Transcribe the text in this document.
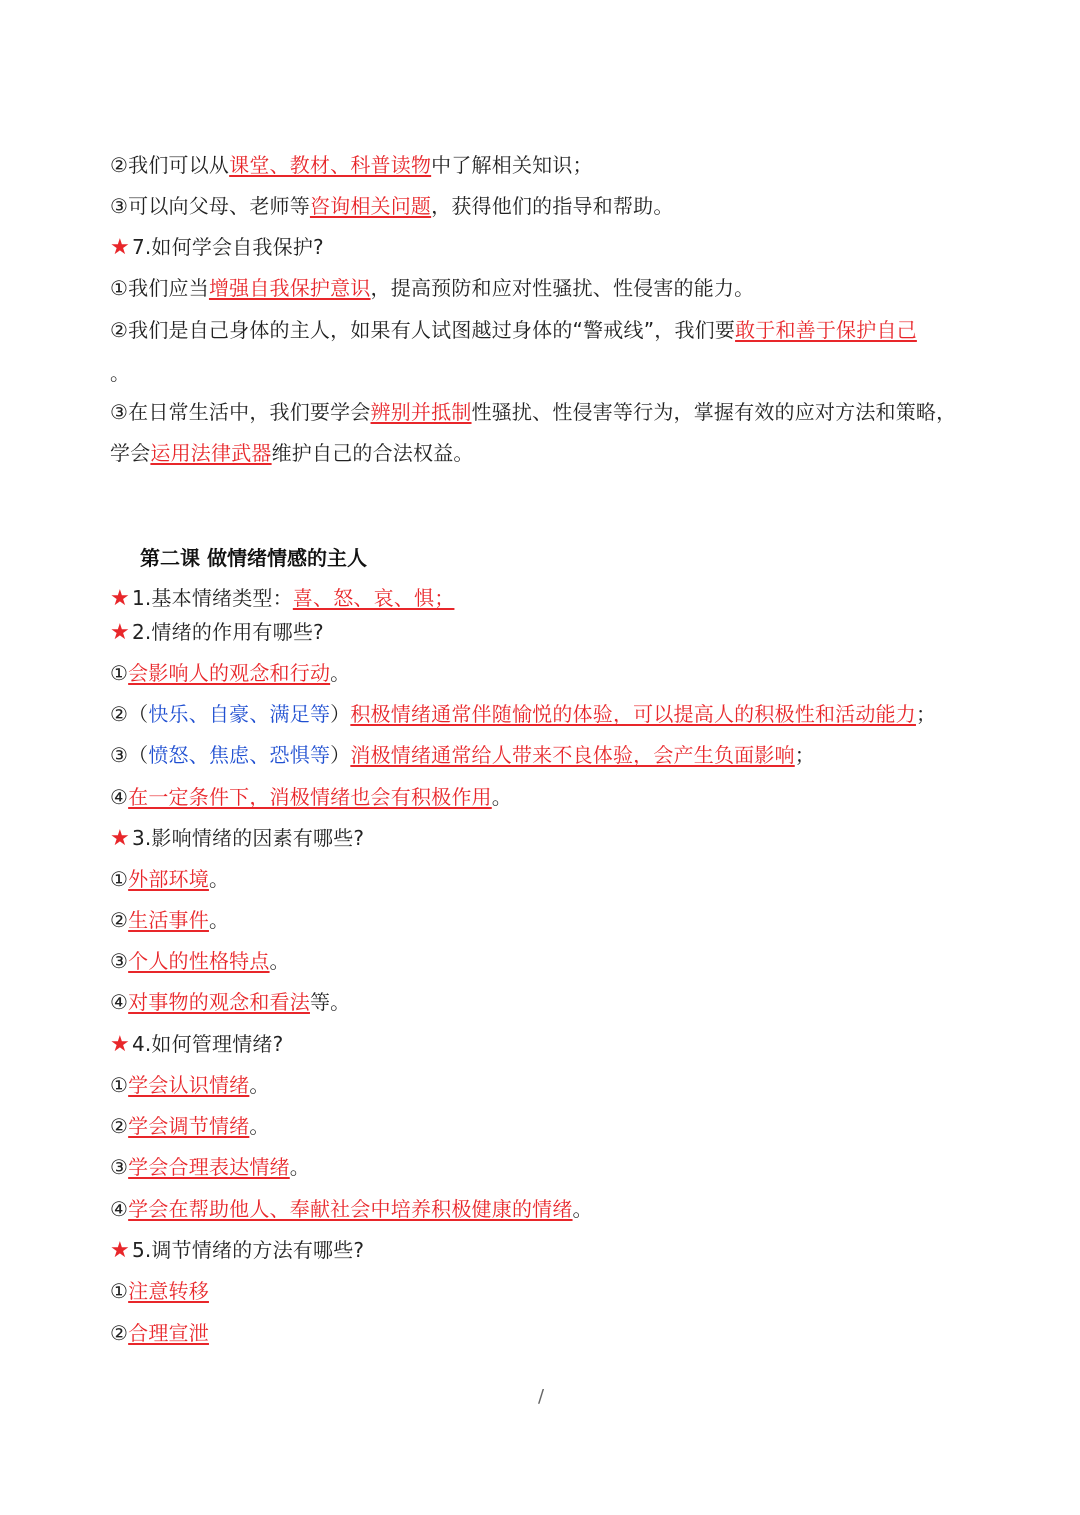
②我们可以从课堂、教材、科普读物中了解相关知识；
③可以向父母、老师等咨询相关问题，获得他们的指导和帮助。
★ 7.如何学会自我保护?
①我们应当增强自我保护意识，提高预防和应对性骚扰、性侵害的能力。
②我们是自己身体的主人，如果有人试图越过身体的“警戒线”，我们要敢于和善于保护自己
。
③在日常生活中，我们要学会辨别并抵制性骚扰、性侵害等行为，掌握有效的应对方法和策略，
学会运用法律武器维护自己的合法权益。
第二课 做情绪情感的主人
★ 1.基本情绪类型：喜、怒、哀、惧；
★ 2.情绪的作用有哪些?
①会影响人的观念和行动。
②（快乐、自豪、满足等）积极情绪通常伴随愉悦的体验，可以提高人的积极性和活动能力；
③（愤怒、焦虑、恐惧等）消极情绪通常给人带来不良体验，会产生负面影响；
④在一定条件下，消极情绪也会有积极作用。
★ 3.影响情绪的因素有哪些?
①外部环境。
②生活事件。
③个人的性格特点。
④对事物的观念和看法等。
★ 4.如何管理情绪?
①学会认识情绪。
②学会调节情绪。
③学会合理表达情绪。
④学会在帮助他人、奉献社会中培养积极健康的情绪。
★ 5.调节情绪的方法有哪些?
①注意转移
②合理宣泄
/
